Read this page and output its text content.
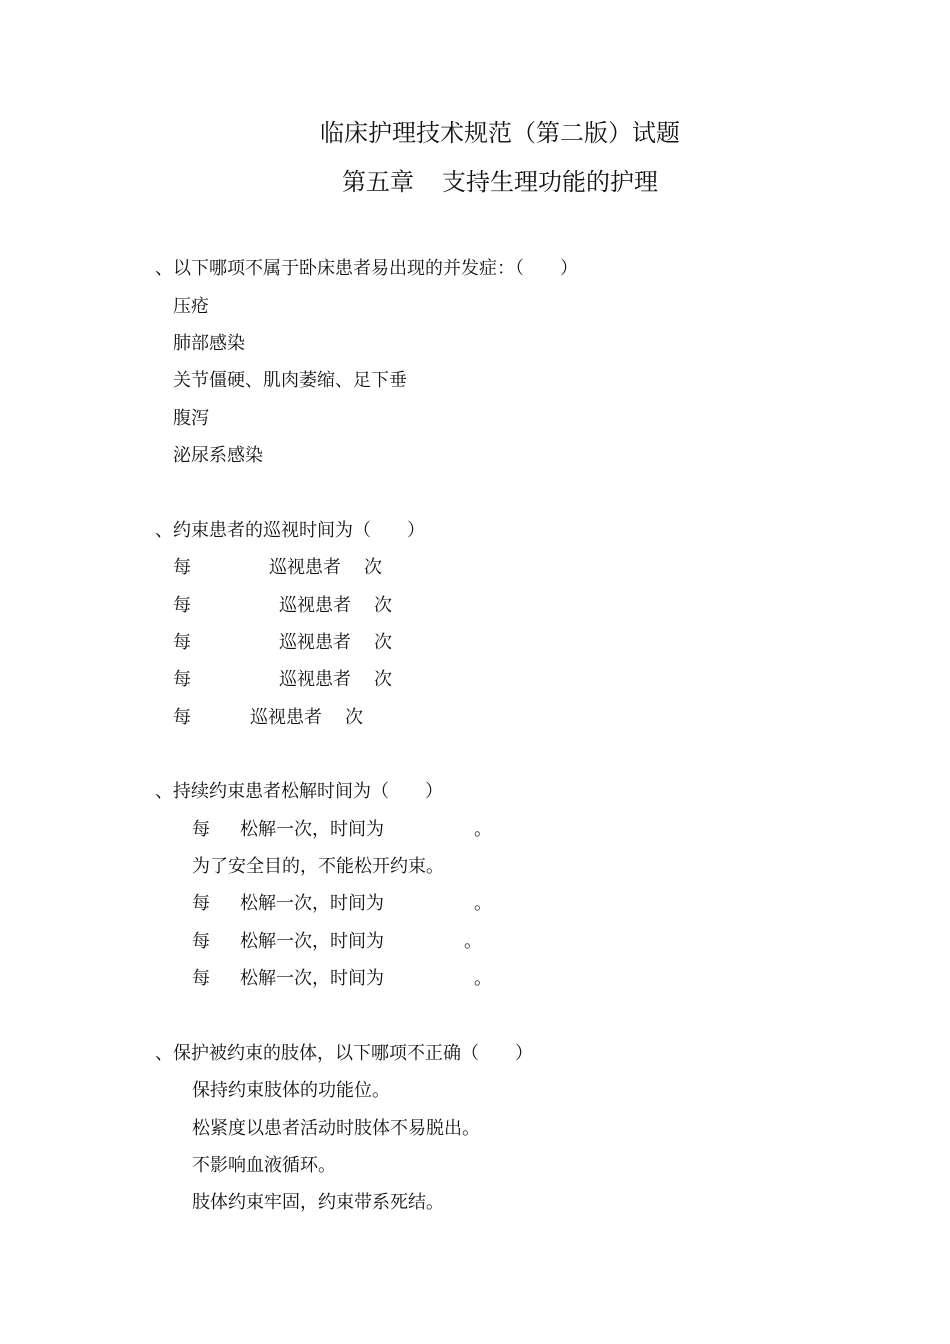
临床护理技术规范（第二版）试题
第五章 支持生理功能的护理
、以下哪项不属于卧床患者易出现的并发症：（　　）
压疮
肺部感染
关节僵硬、肌肉萎缩、足下垂
腹泻
泌尿系感染
、约束患者的巡视时间为（　　）
每	巡视患者 次
每	巡视患者 次
每	巡视患者 次
每	巡视患者 次
每	巡视患者 次
、持续约束患者松解时间为（　　）
每 松解一次，时间为	。
为了安全目的，不能松开约束。
每 松解一次，时间为	。
每 松解一次，时间为	。
每 松解一次，时间为	。
、保护被约束的肢体，以下哪项不正确（　　）
保持约束肢体的功能位。
松紧度以患者活动时肢体不易脱出。
不影响血液循环。
肢体约束牢固，约束带系死结。
